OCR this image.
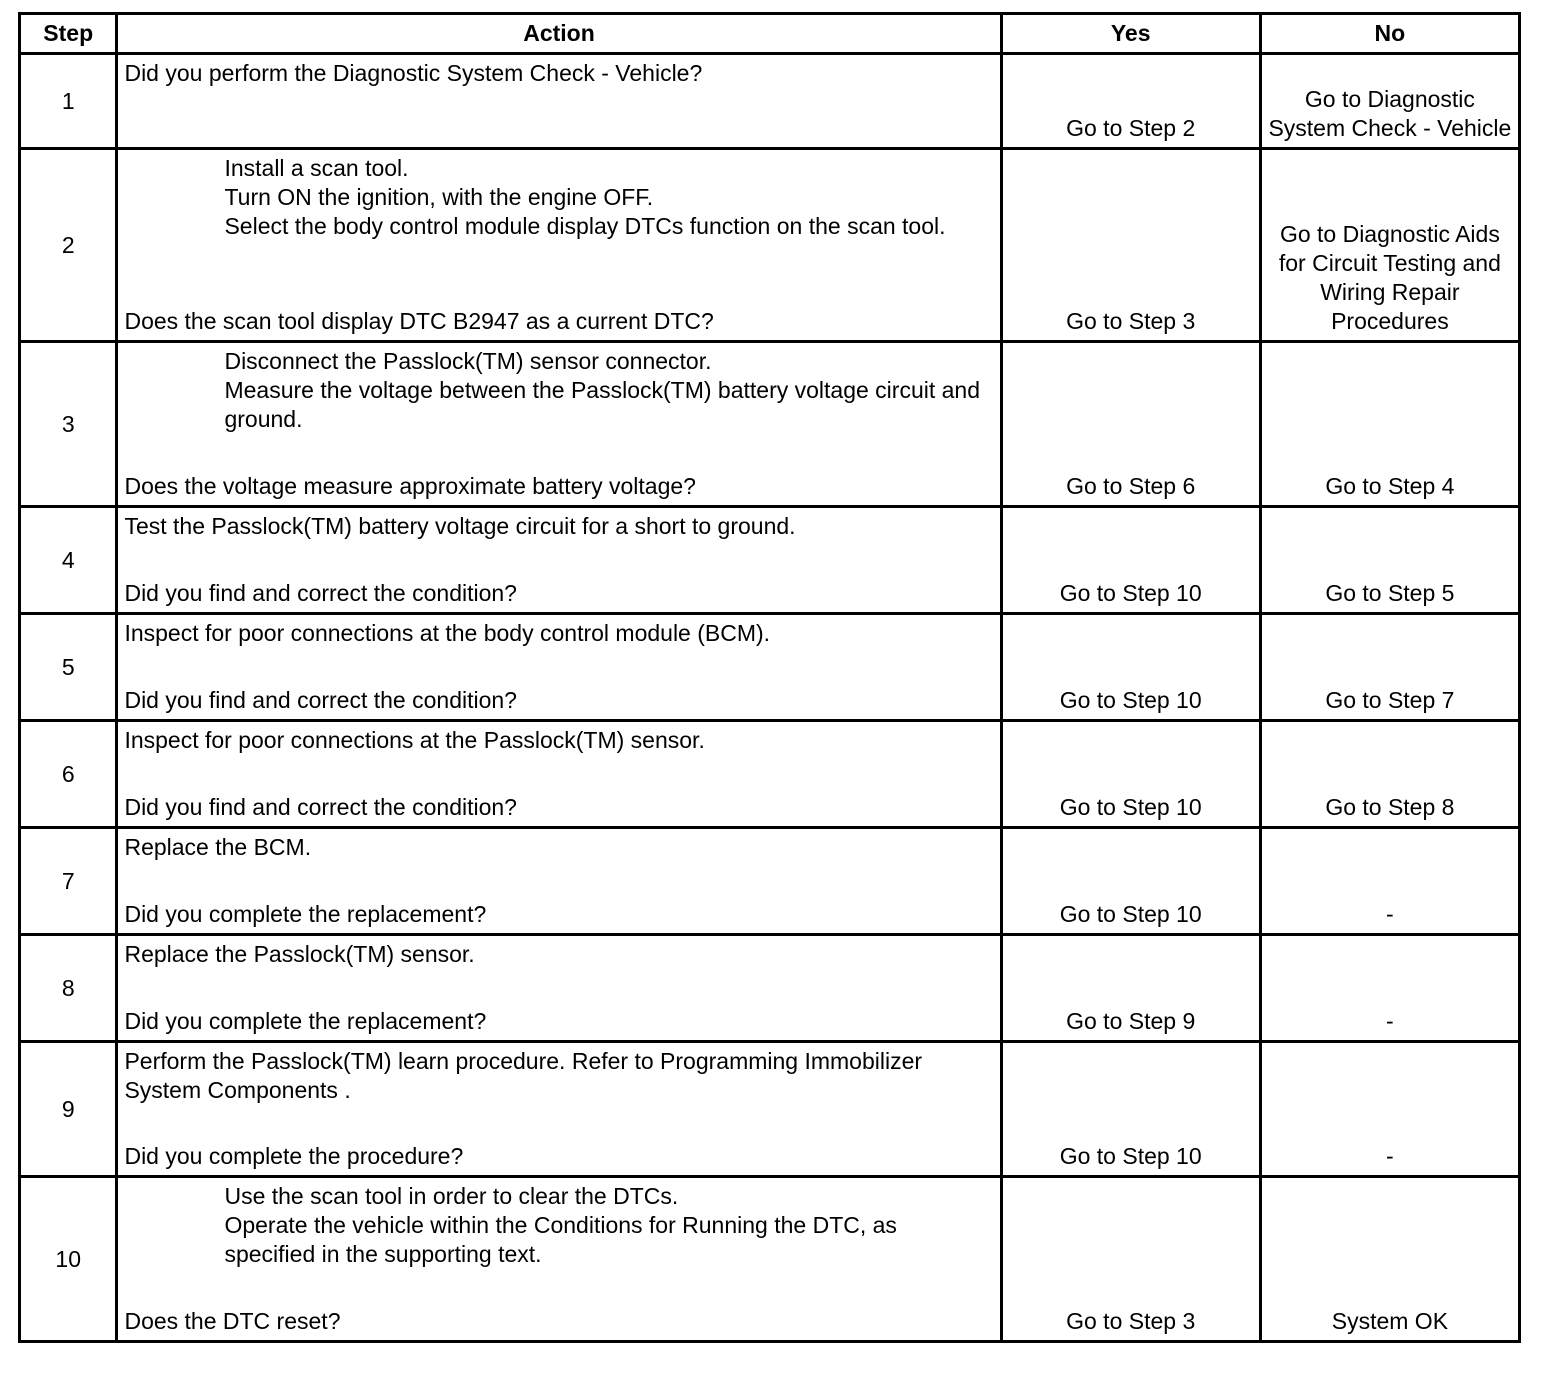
Step	Action	Yes	No
1	Did you perform the Diagnostic System Check - Vehicle?	Go to Step 2	Go to Diagnostic System Check - Vehicle
2	Install a scan tool.
Turn ON the ignition, with the engine OFF.
Select the body control module display DTCs function on the scan tool.
Does the scan tool display DTC B2947 as a current DTC?	Go to Step 3	Go to Diagnostic Aids for Circuit Testing and Wiring Repair Procedures
3	Disconnect the Passlock(TM) sensor connector.
Measure the voltage between the Passlock(TM) battery voltage circuit and ground.
Does the voltage measure approximate battery voltage?	Go to Step 6	Go to Step 4
4	Test the Passlock(TM) battery voltage circuit for a short to ground.
Did you find and correct the condition?	Go to Step 10	Go to Step 5
5	Inspect for poor connections at the body control module (BCM).
Did you find and correct the condition?	Go to Step 10	Go to Step 7
6	Inspect for poor connections at the Passlock(TM) sensor.
Did you find and correct the condition?	Go to Step 10	Go to Step 8
7	Replace the BCM.
Did you complete the replacement?	Go to Step 10	-
8	Replace the Passlock(TM) sensor.
Did you complete the replacement?	Go to Step 9	-
9	Perform the Passlock(TM) learn procedure. Refer to Programming Immobilizer System Components .
Did you complete the procedure?	Go to Step 10	-
10	Use the scan tool in order to clear the DTCs.
Operate the vehicle within the Conditions for Running the DTC, as specified in the supporting text.
Does the DTC reset?	Go to Step 3	System OK
